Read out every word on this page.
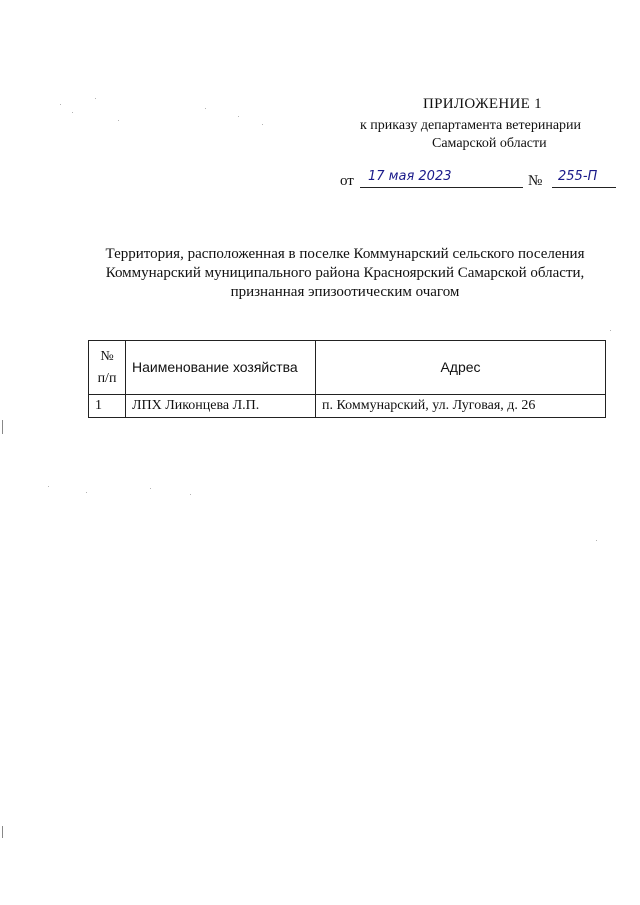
ПРИЛОЖЕНИЕ 1
к приказу департамента ветеринарии
Самарской области
от 17 мая 2023	№ 255-П
Территория, расположенная в поселке Коммунарский сельского поселения
Коммунарский муниципального района Красноярский Самарской области,
признанная эпизоотическим очагом
№
п/п	Наименование хозяйства	Адрес
1	ЛПХ Ликонцева Л.П.	п. Коммунарский, ул. Луговая, д. 26
